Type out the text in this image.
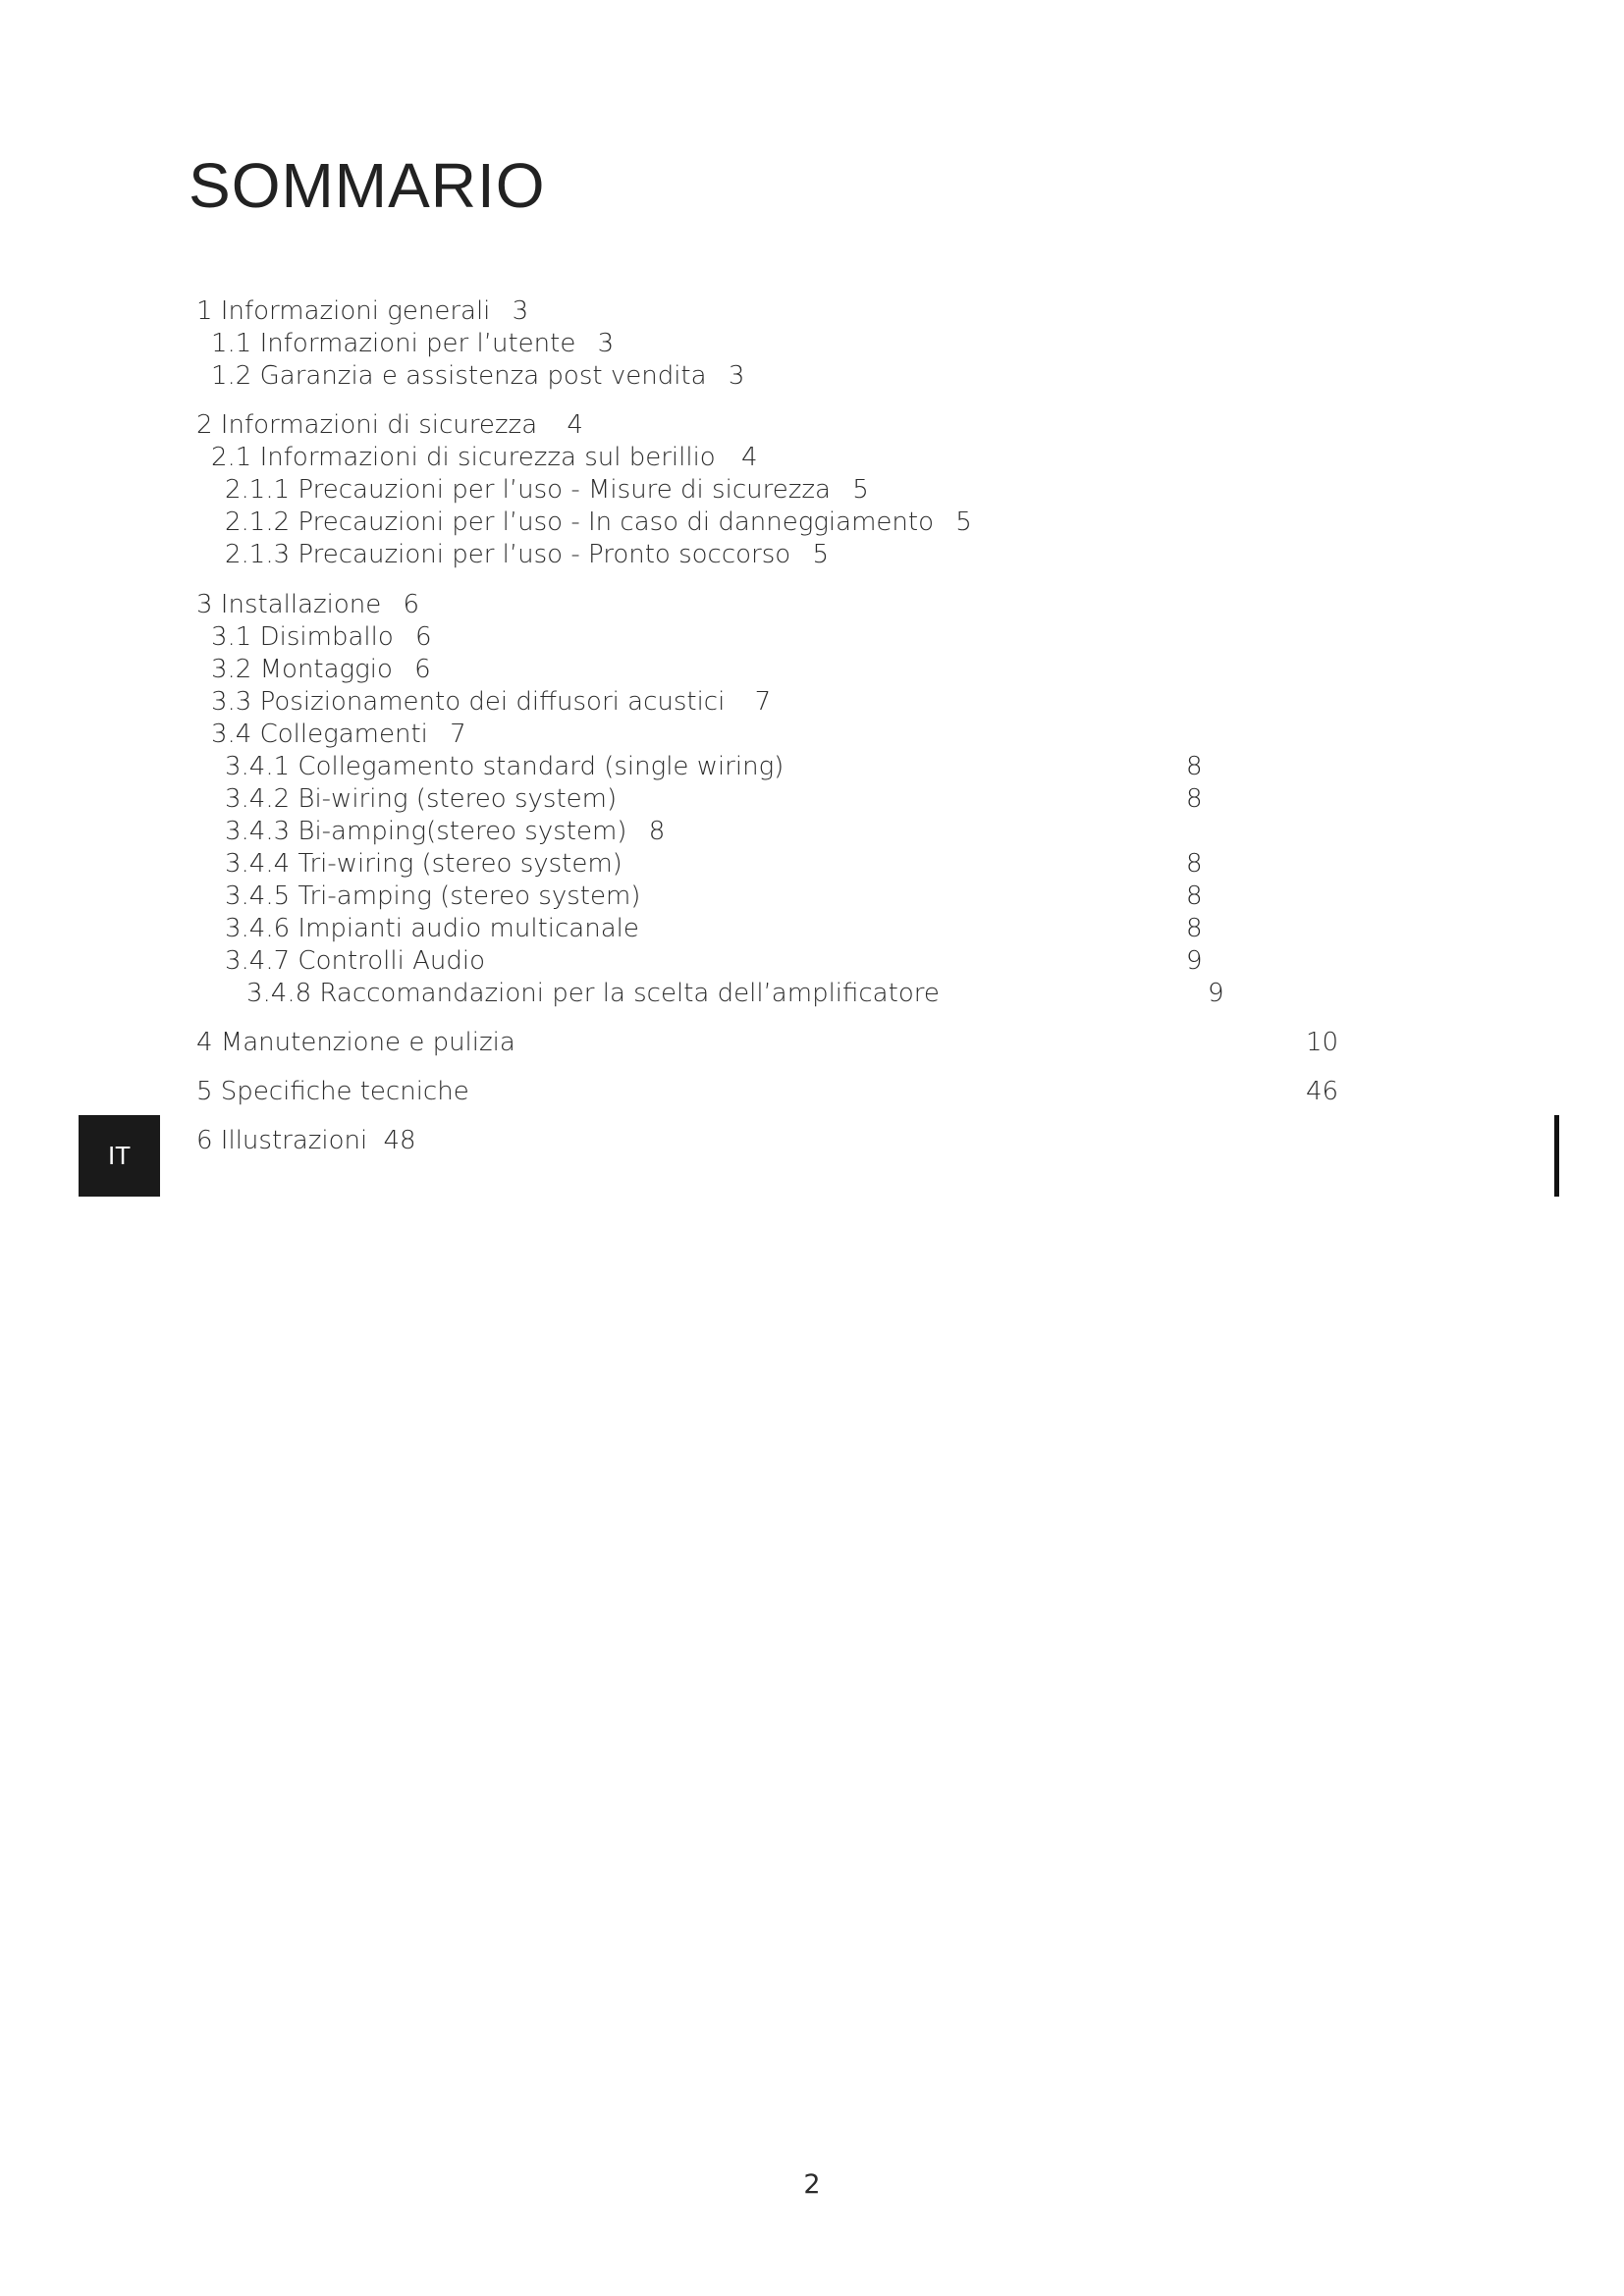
SOMMARIO
1 Informazioni generali 3
1.1 Informazioni per l’utente 3
1.2 Garanzia e assistenza post vendita 3
2 Informazioni di sicurezza 4
2.1 Informazioni di sicurezza sul berillio 4
2.1.1 Precauzioni per l’uso - Misure di sicurezza 5
2.1.2 Precauzioni per l’uso - In caso di danneggiamento 5
2.1.3 Precauzioni per l’uso - Pronto soccorso 5
3 Installazione 6
3.1 Disimballo 6
3.2 Montaggio 6
3.3 Posizionamento dei diffusori acustici 7
3.4 Collegamenti 7
3.4.1 Collegamento standard (single wiring)	8
3.4.2 Bi-wiring (stereo system)	8
3.4.3 Bi-amping(stereo system) 8
3.4.4 Tri-wiring (stereo system)	8
3.4.5 Tri-amping (stereo system)	8
3.4.6 Impianti audio multicanale	8
3.4.7 Controlli Audio	9
3.4.8 Raccomandazioni per la scelta dell’amplificatore	9
4 Manutenzione e pulizia	10
5 Specifiche tecniche	46
6 Illustrazioni 48
IT
2
